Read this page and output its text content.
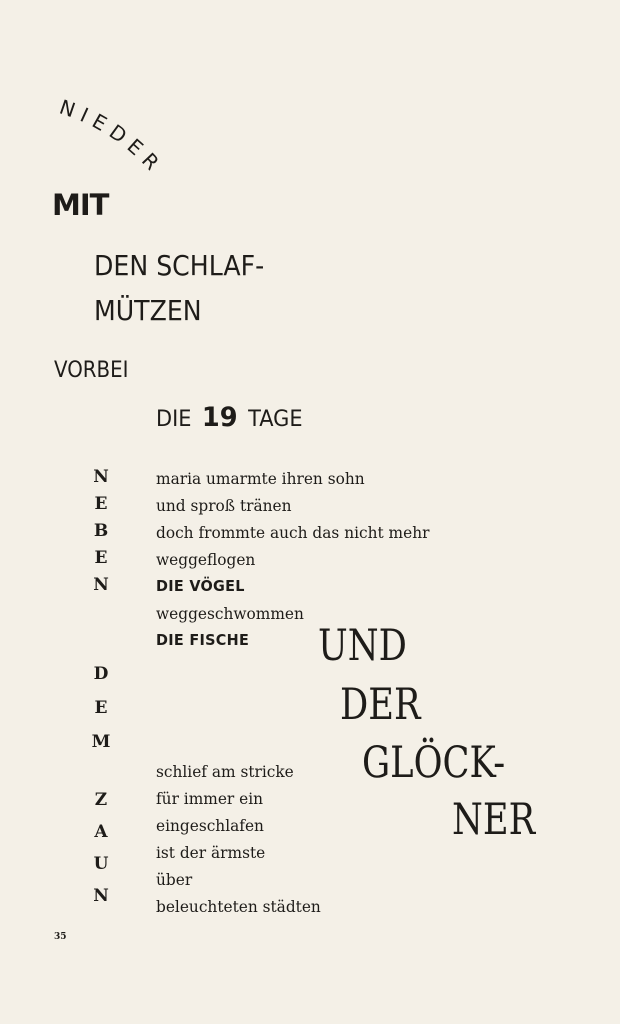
NIEDER
MIT
DEN SCHLAF-
MÜTZEN
VORBEI
DIE 19 TAGE
N
E
B
E
N
D
E
M
Z
A
U
N
maria umarmte ihren sohn
und sproß tränen
doch frommte auch das nicht mehr
weggeflogen
DIE VÖGEL
weggeschwommen
DIE FISCHE
schlief am stricke
für immer ein
eingeschlafen
ist der ärmste
über
beleuchteten städten
UND
DER
GLÖCK-
NER
35
